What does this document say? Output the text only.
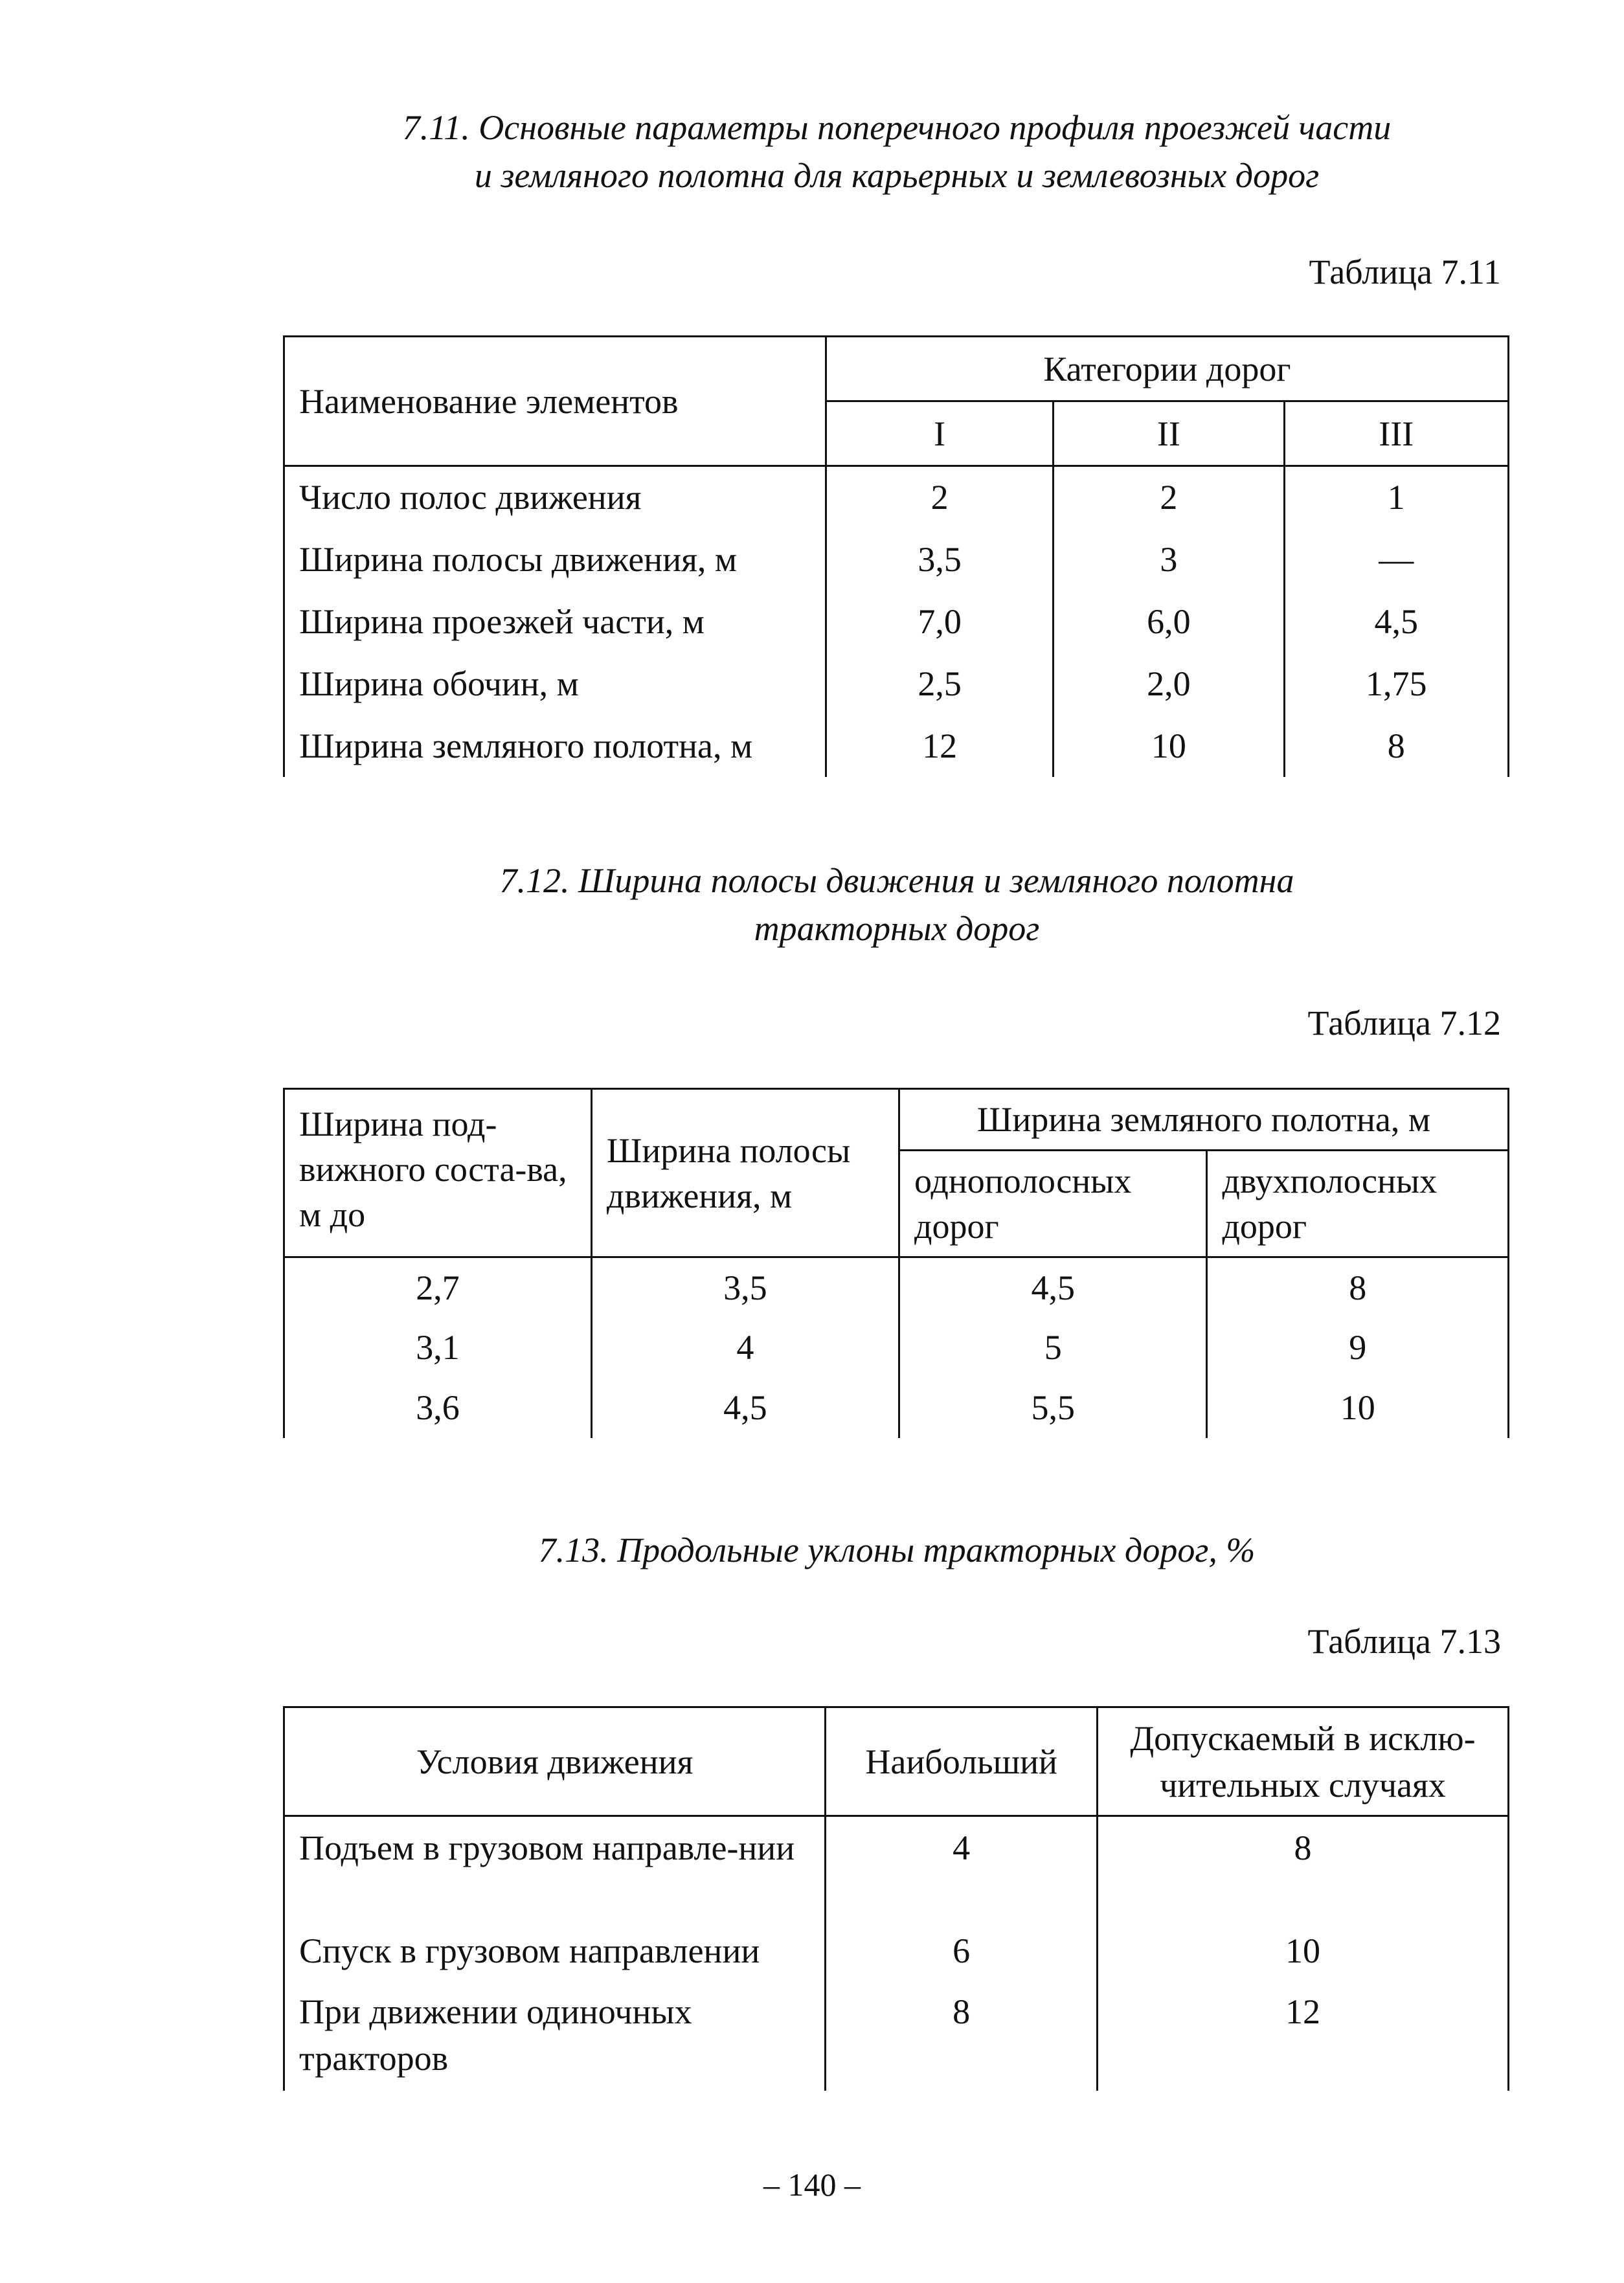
7.11. Основные параметры поперечного профиля проезжей части
и земляного полотна для карьерных и землевозных дорог
Таблица 7.11
Наименование элементов	Категории дорог		
	I	II	III
Число полос движения	2	2	1
Ширина полосы движения, м	3,5	3	—
Ширина проезжей части, м	7,0	6,0	4,5
Ширина обочин, м	2,5	2,0	1,75
Ширина земляного полотна, м	12	10	8
7.12. Ширина полосы движения и земляного полотна
тракторных дорог
Таблица 7.12
Ширина под-вижного соста-ва, м до	Ширина полосы движения, м	Ширина земляного полотна, м	
		однополосных дорог	двухполосных дорог
2,7	3,5	4,5	8
3,1	4	5	9
3,6	4,5	5,5	10
7.13. Продольные уклоны тракторных дорог, %
Таблица 7.13
Условия движения	Наибольший	Допускаемый в исклю-чительных случаях
Подъем в грузовом направле-нии	4	8
Спуск в грузовом направлении	6	10
При движении одиночных тракторов	8	12
– 140 –
